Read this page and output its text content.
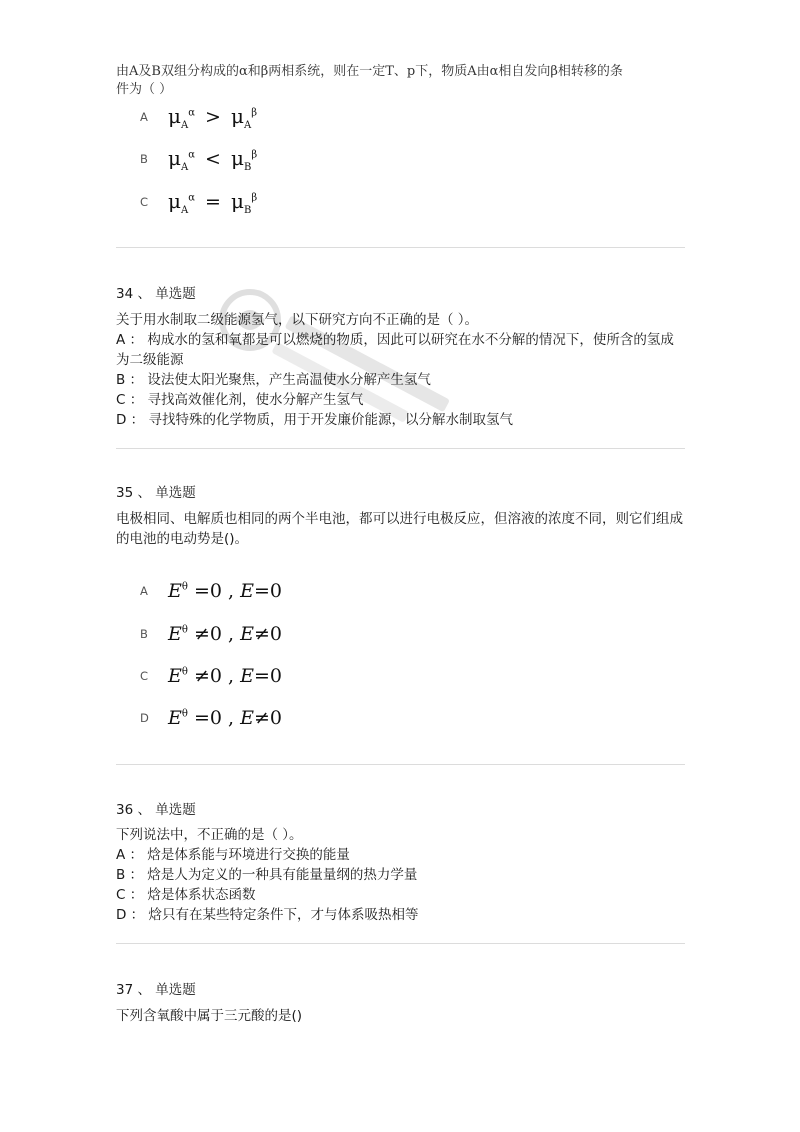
由A及B双组分构成的α和β两相系统，则在一定T、p下，物质A由α相自发向β相转移的条
件为（ ）
A	$\mu_A^\alpha > \mu_A^\beta$
B	$\mu_A^\alpha < \mu_B^\beta$
C $\mu_A^\alpha = \mu_B^\beta$
34 、 单选题
关于用水制取二级能源氢气，以下研究方向不正确的是（ ）。
A ： 构成水的氢和氧都是可以燃烧的物质，因此可以研究在水不分解的情况下，使所含的氢成为二级能源
B ： 设法使太阳光聚焦，产生高温使水分解产生氢气
C ： 寻找高效催化剂，使水分解产生氢气
D ： 寻找特殊的化学物质，用于开发廉价能源，以分解水制取氢气
35 、 单选题
电极相同、电解质也相同的两个半电池，都可以进行电极反应，但溶液的浓度不同，则它们组成的电池的电动势是()。
A	$E^\theta =0$ , E=0
B	$E^\theta \ne 0$ , E≠0
C	$E^\theta \ne 0$ , E=0
D	$E^\theta =0$ , E≠0
36 、 单选题
下列说法中，不正确的是（ ）。
A ： 焓是体系能与环境进行交换的能量
B ： 焓是人为定义的一种具有能量量纲的热力学量
C ： 焓是体系状态函数
D ： 焓只有在某些特定条件下，才与体系吸热相等
37 、 单选题
下列含氧酸中属于三元酸的是()
